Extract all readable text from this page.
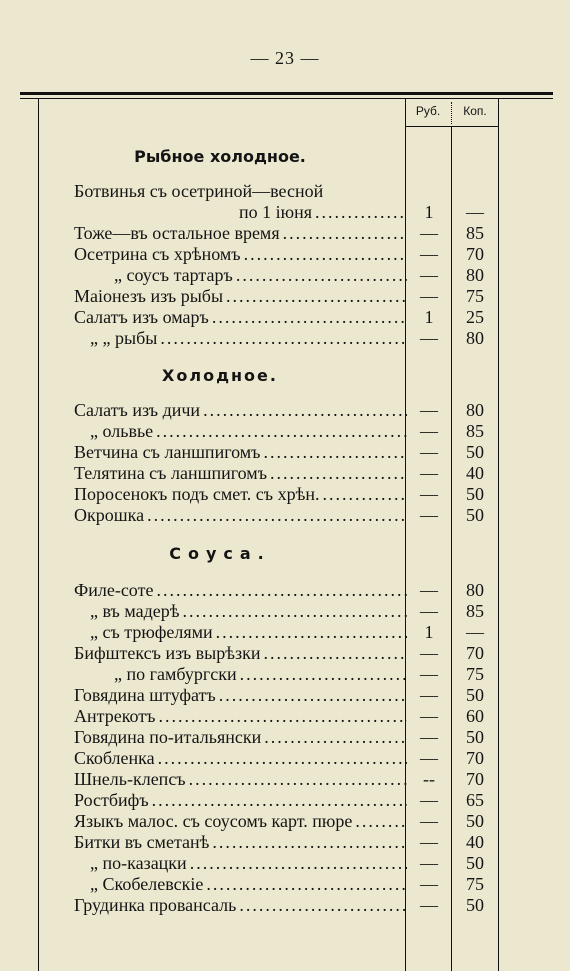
— 23 —
Руб.	Коп.
Рыбное холодное.
Ботвинья съ осетриной—весной
по 1 іюня .....	1	—
Тоже—въ остальное время .....	—	85
Осетрина съ хрѣномъ .....	—	70
„ соусъ тартаръ .....	—	80
Маіонезъ изъ рыбы .....	—	75
Салатъ изъ омаръ .....	1	25
„ „ рыбы .....	—	80
Холодное.
Салатъ изъ дичи .....	—	80
„ ольвье .....	—	85
Ветчина съ ланшпигомъ .....	—	50
Телятина съ ланшпигомъ .....	—	40
Поросенокъ подъ смет. съ хрѣн. .....	—	50
Окрошка .....	—	50
Соуса.
Филе-соте .....	—	80
„ въ мадерѣ .....	—	85
„ съ трюфелями .....	1	—
Бифштексъ изъ вырѣзки .....	—	70
„ по гамбургски .....	—	75
Говядина штуфатъ .....	—	50
Антрекотъ .....	—	60
Говядина по-итальянски .....	—	50
Скобленка .....	—	70
Шнель-клепсъ .....	--	70
Ростбифъ .....	—	65
Языкъ малос. съ соусомъ карт. пюре .....	—	50
Битки въ сметанѣ .....	—	40
„ по-казацки .....	—	50
„ Скобелевскіе .....	—	75
Грудинка провансаль .....	—	50
